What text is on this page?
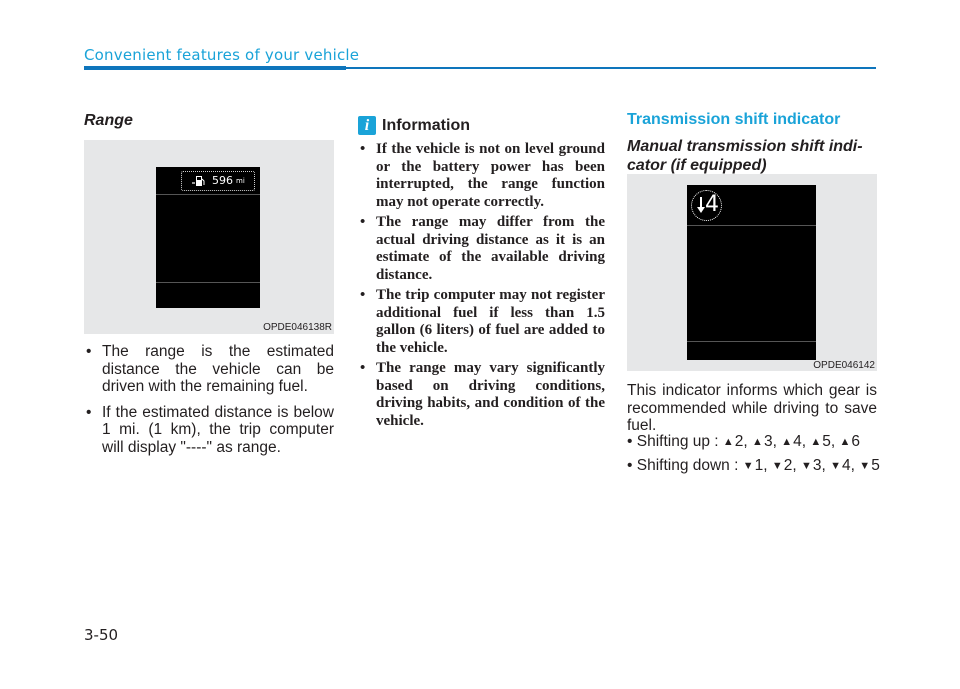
Convenient features of your vehicle
Range
596 mi
OPDE046138R
• The range is the estimated distance the vehicle can be driven with the remaining fuel.
• If the estimated distance is below 1 mi. (1 km), the trip computer will display "----" as range.
i Information
• If the vehicle is not on level ground or the battery power has been interrupted, the range function may not operate correctly.
• The range may differ from the actual driving distance as it is an estimate of the available driving distance.
• The trip computer may not register additional fuel if less than 1.5 gallon (6 liters) of fuel are added to the vehicle.
• The range may vary significantly based on driving conditions, driving habits, and condition of the vehicle.
Transmission shift indicator
Manual transmission shift indi-
cator (if equipped)
4
OPDE046142
This indicator informs which gear is recommended while driving to save fuel.
• Shifting up : ▲2, ▲3, ▲4, ▲5, ▲6
• Shifting down : ▼1, ▼2, ▼3, ▼4, ▼5
3-50
